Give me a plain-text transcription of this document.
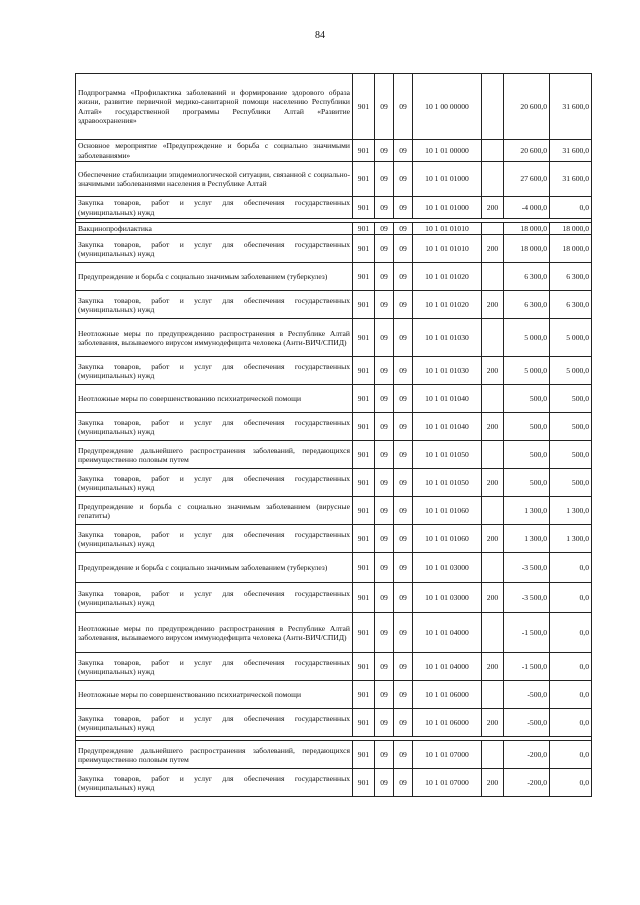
84
Подпрограмма «Профилактика заболеваний и формирование здорового образа жизни, развитие первичной медико-санитарной помощи населению Республики Алтай» государственной программы Республики Алтай «Развитие здравоохранения»	901	09	09	10 1 00 00000		20 600,0	31 600,0
Основное мероприятие «Предупреждение и борьба с социально значимыми заболеваниями»	901	09	09	10 1 01 00000		20 600,0	31 600,0
Обеспечение стабилизации эпидемиологической ситуации, связанной с социально-значимыми заболеваниями населения в Республике Алтай	901	09	09	10 1 01 01000		27 600,0	31 600,0
Закупка товаров, работ и услуг для обеспечения государственных (муниципальных) нужд	901	09	09	10 1 01 01000	200	-4 000,0	0,0

Вакцинопрофилактика	901	09	09	10 1 01 01010		18 000,0	18 000,0
Закупка товаров, работ и услуг для обеспечения государственных (муниципальных) нужд	901	09	09	10 1 01 01010	200	18 000,0	18 000,0
Предупреждение и борьба с социально значимым заболеванием (туберкулез)	901	09	09	10 1 01 01020		6 300,0	6 300,0
Закупка товаров, работ и услуг для обеспечения государственных (муниципальных) нужд	901	09	09	10 1 01 01020	200	6 300,0	6 300,0
Неотложные меры по предупреждению распространения в Республике Алтай заболевания, вызываемого вирусом иммунодефицита человека (Анти-ВИЧ/СПИД)	901	09	09	10 1 01 01030		5 000,0	5 000,0
Закупка товаров, работ и услуг для обеспечения государственных (муниципальных) нужд	901	09	09	10 1 01 01030	200	5 000,0	5 000,0
Неотложные меры по совершенствованию психиатрической помощи	901	09	09	10 1 01 01040		500,0	500,0
Закупка товаров, работ и услуг для обеспечения государственных (муниципальных) нужд	901	09	09	10 1 01 01040	200	500,0	500,0
Предупреждение дальнейшего распространения заболеваний, передающихся преимущественно половым путем	901	09	09	10 1 01 01050		500,0	500,0
Закупка товаров, работ и услуг для обеспечения государственных (муниципальных) нужд	901	09	09	10 1 01 01050	200	500,0	500,0
Предупреждение и борьба с социально значимым заболеванием (вирусные гепатиты)	901	09	09	10 1 01 01060		1 300,0	1 300,0
Закупка товаров, работ и услуг для обеспечения государственных (муниципальных) нужд	901	09	09	10 1 01 01060	200	1 300,0	1 300,0
Предупреждение и борьба с социально значимым заболеванием (туберкулез)	901	09	09	10 1 01 03000		-3 500,0	0,0
Закупка товаров, работ и услуг для обеспечения государственных (муниципальных) нужд	901	09	09	10 1 01 03000	200	-3 500,0	0,0
Неотложные меры по предупреждению распространения в Республике Алтай заболевания, вызываемого вирусом иммунодефицита человека (Анти-ВИЧ/СПИД)	901	09	09	10 1 01 04000		-1 500,0	0,0
Закупка товаров, работ и услуг для обеспечения государственных (муниципальных) нужд	901	09	09	10 1 01 04000	200	-1 500,0	0,0
Неотложные меры по совершенствованию психиатрической помощи	901	09	09	10 1 01 06000		-500,0	0,0
Закупка товаров, работ и услуг для обеспечения государственных (муниципальных) нужд	901	09	09	10 1 01 06000	200	-500,0	0,0

Предупреждение дальнейшего распространения заболеваний, передающихся преимущественно половым путем	901	09	09	10 1 01 07000		-200,0	0,0
Закупка товаров, работ и услуг для обеспечения государственных (муниципальных) нужд	901	09	09	10 1 01 07000	200	-200,0	0,0
